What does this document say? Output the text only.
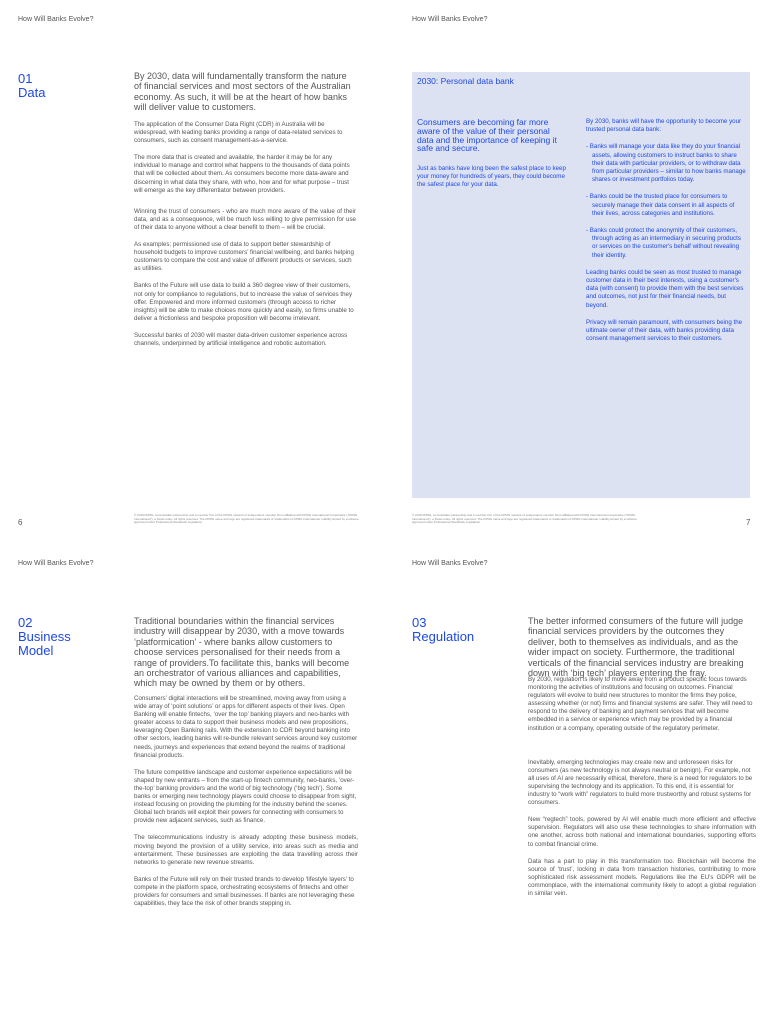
How Will Banks Evolve?
01
Data
By 2030, data will fundamentally transform the nature of financial services and most sectors of the Australian economy. As such, it will be at the heart of how banks will deliver value to customers.

The application of the Consumer Data Right (CDR) in Australia will be widespread, with leading banks providing a range of data-related services to consumers, such as consent management-as-a-service.

The more data that is created and available, the harder it may be for any individual to manage and control what happens to the thousands of data points that will be collected about them. As consumers become more data-aware and discerning in what data they share, with who, how and for what purpose – trust will emerge as the key differentiator between providers.

Winning the trust of consumers - who are much more aware of the value of their data, and as a consequence, will be much less willing to give permission for use of their data to anyone without a clear benefit to them – will be crucial.

As examples; permissioned use of data to support better stewardship of household budgets to improve customers’ financial wellbeing; and banks helping customers to compare the cost and value of different products or services, such as utilities.

Banks of the Future will use data to build a 360 degree view of their customers, not only for compliance to regulations, but to increase the value of services they offer. Empowered and more informed customers (through access to richer insights) will be able to make choices more quickly and easily, so firms unable to deliver a frictionless and bespoke proposition will become irrelevant.

Successful banks of 2030 will master data-driven customer experience across channels, underpinned by artificial intelligence and robotic automation.

© 2019 KPMG, an Australian partnership and a member firm of the KPMG network of independent member firms affiliated with KPMG International Cooperative (“KPMG International”), a Swiss entity. All rights reserved. The KPMG name and logo are registered trademarks or trademarks of KPMG International. Liability limited by a scheme approved under Professional Standards Legislation.
6
How Will Banks Evolve?
2030: Personal data bank
Consumers are becoming far more aware of the value of their personal data and the importance of keeping it safe and secure.
Just as banks have long been the safest place to keep your money for hundreds of years, they could become the safest place for your data.

By 2030, banks will have the opportunity to become your trusted personal data bank:

- Banks will manage your data like they do your financial assets, allowing customers to instruct banks to share their data with particular providers, or to withdraw data from particular providers – similar to how banks manage shares or investment portfolios today.
- Banks could be the trusted place for consumers to securely manage their data consent in all aspects of their lives, across categories and institutions.
- Banks could protect the anonymity of their customers, through acting as an intermediary in securing products or services on the customer's behalf without revealing their identity.

Leading banks could be seen as most trusted to manage customer data in their best interests, using a customer's data (with consent) to provide them with the best services and outcomes, not just for their financial needs, but beyond.

Privacy will remain paramount, with consumers being the ultimate owner of their data, with banks providing data consent management services to their customers.

© 2019 KPMG, an Australian partnership and a member firm of the KPMG network of independent member firms affiliated with KPMG International Cooperative (“KPMG International”), a Swiss entity. All rights reserved. The KPMG name and logo are registered trademarks or trademarks of KPMG International. Liability limited by a scheme approved under Professional Standards Legislation.	7
How Will Banks Evolve?
02
Business Model
Traditional boundaries within the financial services industry will disappear by 2030, with a move towards ‘platformication’ - where banks allow customers to choose services personalised for their needs from a range of providers.To facilitate this, banks will become an orchestrator of various alliances and capabilities, which may be owned by them or by others.

Consumers’ digital interactions will be streamlined, moving away from using a wide array of ‘point solutions’ or apps for different aspects of their lives. Open Banking will enable fintechs, ‘over the top’ banking players and neo-banks with greater access to data to support their business models and new propositions, leveraging Open Banking rails. With the extension to CDR beyond banking into other sectors, leading banks will re-bundle relevant services around key customer needs, journeys and experiences that extend beyond the realms of traditional financial products.

The future competitive landscape and customer experience expectations will be shaped by new entrants – from the start-up fintech community, neo-banks, ‘over-the-top’ banking providers and the world of big technology (‘big tech’). Some banks or emerging new technology players could choose to disappear from sight, instead focusing on providing the plumbing for the industry behind the scenes. Global tech brands will exploit their powers for connecting with consumers to provide new adjacent services, such as finance.

The telecommunications industry is already adopting these business models, moving beyond the provision of a utility service, into areas such as media and entertainment. These businesses are exploiting the data travelling across their networks to generate new revenue streams.

Banks of the Future will rely on their trusted brands to develop ‘lifestyle layers’ to compete in the platform space, orchestrating ecosystems of fintechs and other providers for consumers and small businesses. If banks are not leveraging these capabilities, they face the risk of other brands stepping in.

How Will Banks Evolve?
03
Regulation
The better informed consumers of the future will judge financial services providers by the outcomes they deliver, both to themselves as individuals, and as the wider impact on society. Furthermore, the traditional verticals of the financial services industry are breaking down with ‘big tech’ players entering the fray.

By 2030, regulation is likely to move away from a product specific focus towards monitoring the activities of institutions and focusing on outcomes. Financial regulators will evolve to build new structures to monitor the firms they police, assessing whether (or not) firms and financial systems are safer. They will need to respond to the delivery of banking and payment services that will become embedded in a service or experience which may be provided by a financial institution or a company, operating outside of the regulatory perimeter.

Inevitably, emerging technologies may create new and unforeseen risks for consumers (as new technology is not always neutral or benign). For example, not all uses of AI are necessarily ethical, therefore, there is a need for regulators to be supervising the technology and its application. To this end, it is essential for industry to “work with” regulators to build more trustworthy and robust systems for consumers.

New “regtech” tools, powered by AI will enable much more efficient and effective supervision. Regulators will also use these technologies to share information with one another, across both national and international boundaries, supporting efforts to combat financial crime.

Data has a part to play in this transformation too. Blockchain will become the source of ‘trust’, locking in data from transaction histories, contributing to more sophisticated risk assessment models. Regulations like the EU’s GDPR will be commonplace, with the international community likely to adopt a global regulation in similar vein.
